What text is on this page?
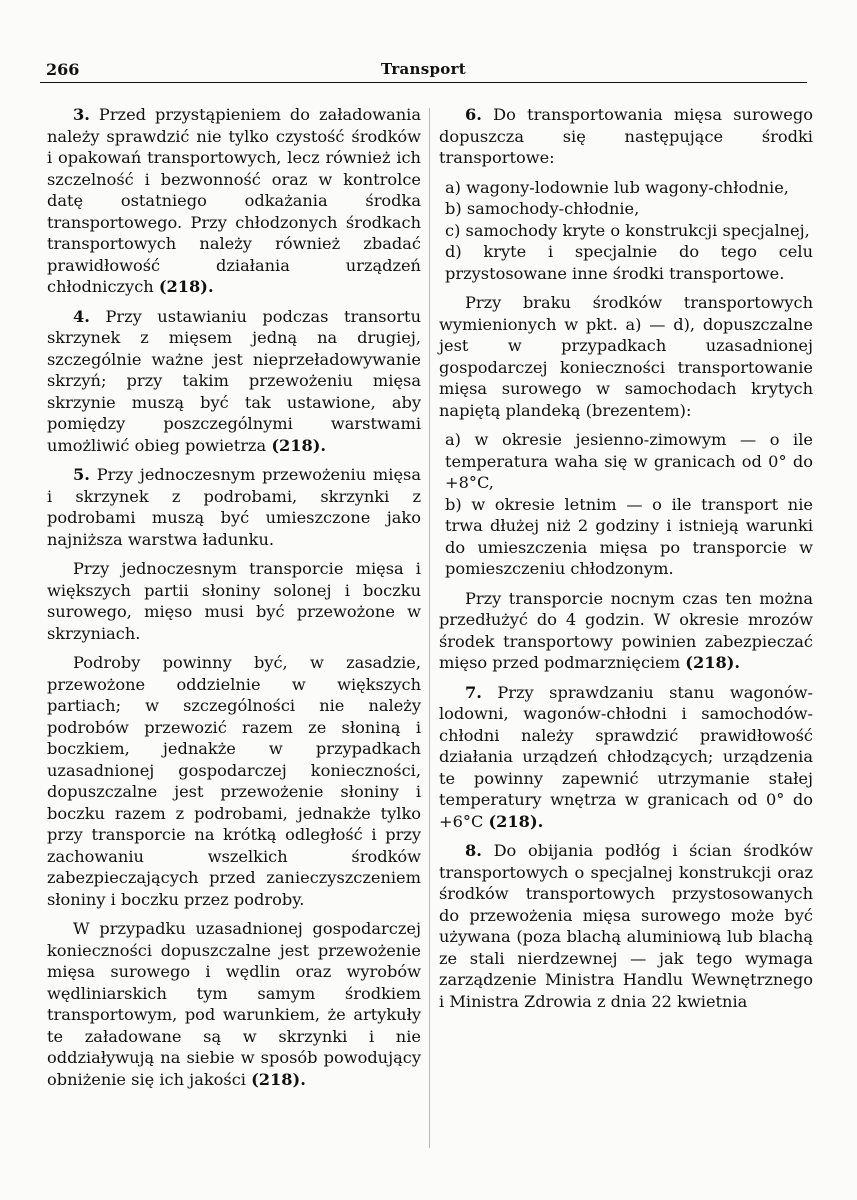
266	Transport

3. Przed przystąpieniem do załadowania należy sprawdzić nie tylko czystość środków i opakowań transportowych, lecz również ich szczelność i bezwonność oraz w kontrolce datę ostatniego odkażania środka transportowego. Przy chłodzonych środkach transportowych należy również zbadać prawidłowość działania urządzeń chłodniczych (218).

4. Przy ustawianiu podczas transortu skrzynek z mięsem jedną na drugiej, szczególnie ważne jest nieprzeładowywanie skrzyń; przy takim przewożeniu mięsa skrzynie muszą być tak ustawione, aby pomiędzy poszczególnymi warstwami umożliwić obieg powietrza (218).

5. Przy jednoczesnym przewożeniu mięsa i skrzynek z podrobami, skrzynki z podrobami muszą być umieszczone jako najniższa warstwa ładunku.

Przy jednoczesnym transporcie mięsa i większych partii słoniny solonej i boczku surowego, mięso musi być przewożone w skrzyniach.

Podroby powinny być, w zasadzie, przewożone oddzielnie w większych partiach; w szczególności nie należy podrobów przewozić razem ze słoniną i boczkiem, jednakże w przypadkach uzasadnionej gospodarczej konieczności, dopuszczalne jest przewożenie słoniny i boczku razem z podrobami, jednakże tylko przy transporcie na krótką odległość i przy zachowaniu wszelkich środków zabezpieczających przed zanieczyszczeniem słoniny i boczku przez podroby.

W przypadku uzasadnionej gospodarczej konieczności dopuszczalne jest przewożenie mięsa surowego i wędlin oraz wyrobów wędliniarskich tym samym środkiem transportowym, pod warunkiem, że artykuły te załadowane są w skrzynki i nie oddziaływują na siebie w sposób powodujący obniżenie się ich jakości (218).

6. Do transportowania mięsa surowego dopuszcza się następujące środki transportowe:

a) wagony-lodownie lub wagony-chłodnie,

b) samochody-chłodnie,

c) samochody kryte o konstrukcji specjalnej,

d) kryte i specjalnie do tego celu przystosowane inne środki transportowe.

Przy braku środków transportowych wymienionych w pkt. a) — d), dopuszczalne jest w przypadkach uzasadnionej gospodarczej konieczności transportowanie mięsa surowego w samochodach krytych napiętą plandeką (brezentem):

a) w okresie jesienno-zimowym — o ile temperatura waha się w granicach od 0° do +8°C,

b) w okresie letnim — o ile transport nie trwa dłużej niż 2 godziny i istnieją warunki do umieszczenia mięsa po transporcie w pomieszczeniu chłodzonym.

Przy transporcie nocnym czas ten można przedłużyć do 4 godzin. W okresie mrozów środek transportowy powinien zabezpieczać mięso przed podmarznięciem (218).

7. Przy sprawdzaniu stanu wagonów-lodowni, wagonów-chłodni i samochodów-chłodni należy sprawdzić prawidłowość działania urządzeń chłodzących; urządzenia te powinny zapewnić utrzymanie stałej temperatury wnętrza w granicach od 0° do +6°C (218).

8. Do obijania podłóg i ścian środków transportowych o specjalnej konstrukcji oraz środków transportowych przystosowanych do przewożenia mięsa surowego może być używana (poza blachą aluminiową lub blachą ze stali nierdzewnej — jak tego wymaga zarządzenie Ministra Handlu Wewnętrznego i Ministra Zdrowia z dnia 22 kwietnia
